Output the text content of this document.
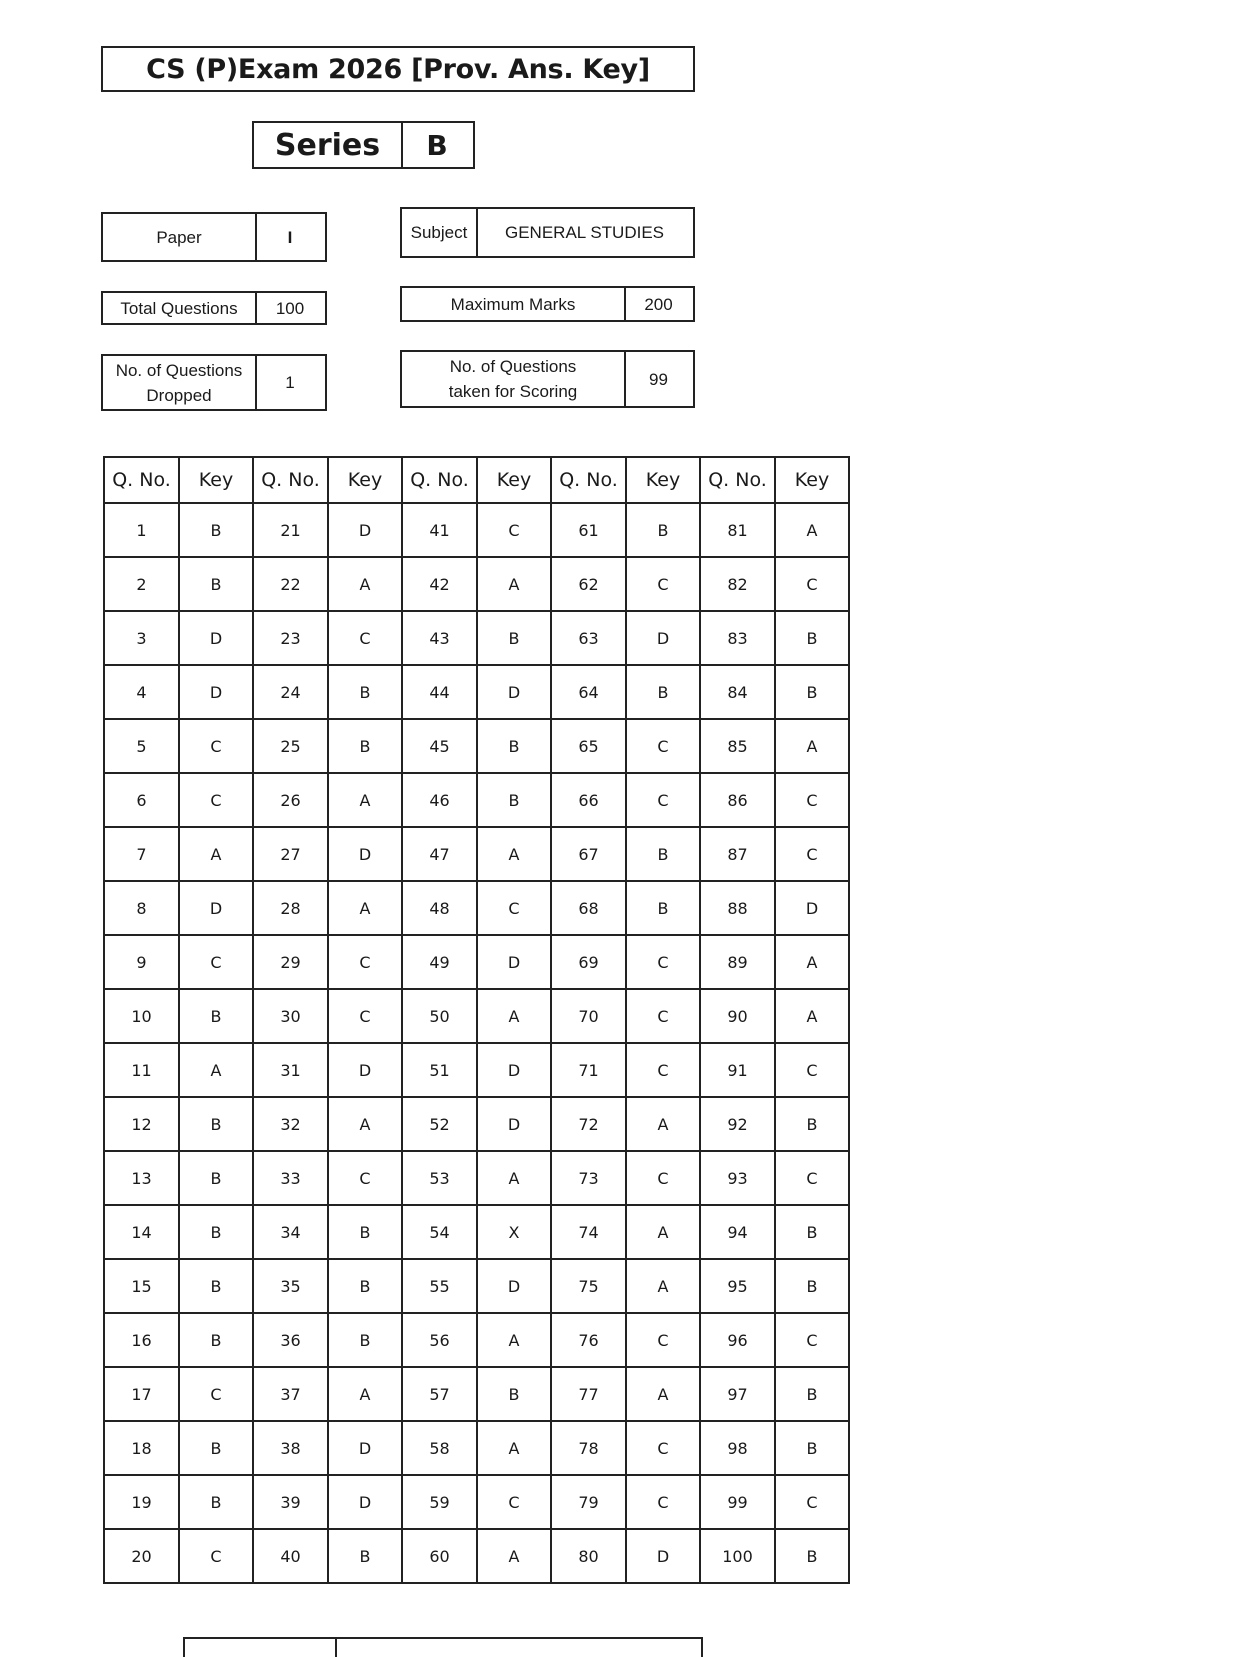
CS (P)Exam 2026 [Prov. Ans. Key]
Series	B
Paper	I	Subject	GENERAL STUDIES
Total Questions	100	Maximum Marks	200
No. of Questions
Dropped
1
No. of Questions
taken for Scoring
99
Q. No.	Key	Q. No.	Key	Q. No.	Key	Q. No.	Key	Q. No.	Key
1	B	21	D	41	C	61	B	81	A
2	B	22	A	42	A	62	C	82	C
3	D	23	C	43	B	63	D	83	B
4	D	24	B	44	D	64	B	84	B
5	C	25	B	45	B	65	C	85	A
6	C	26	A	46	B	66	C	86	C
7	A	27	D	47	A	67	B	87	C
8	D	28	A	48	C	68	B	88	D
9	C	29	C	49	D	69	C	89	A
10	B	30	C	50	A	70	C	90	A
11	A	31	D	51	D	71	C	91	C
12	B	32	A	52	D	72	A	92	B
13	B	33	C	53	A	73	C	93	C
14	B	34	B	54	X	74	A	94	B
15	B	35	B	55	D	75	A	95	B
16	B	36	B	56	A	76	C	96	C
17	C	37	A	57	B	77	A	97	B
18	B	38	D	58	A	78	C	98	B
19	B	39	D	59	C	79	C	99	C
20	C	40	B	60	A	80	D	100	B
